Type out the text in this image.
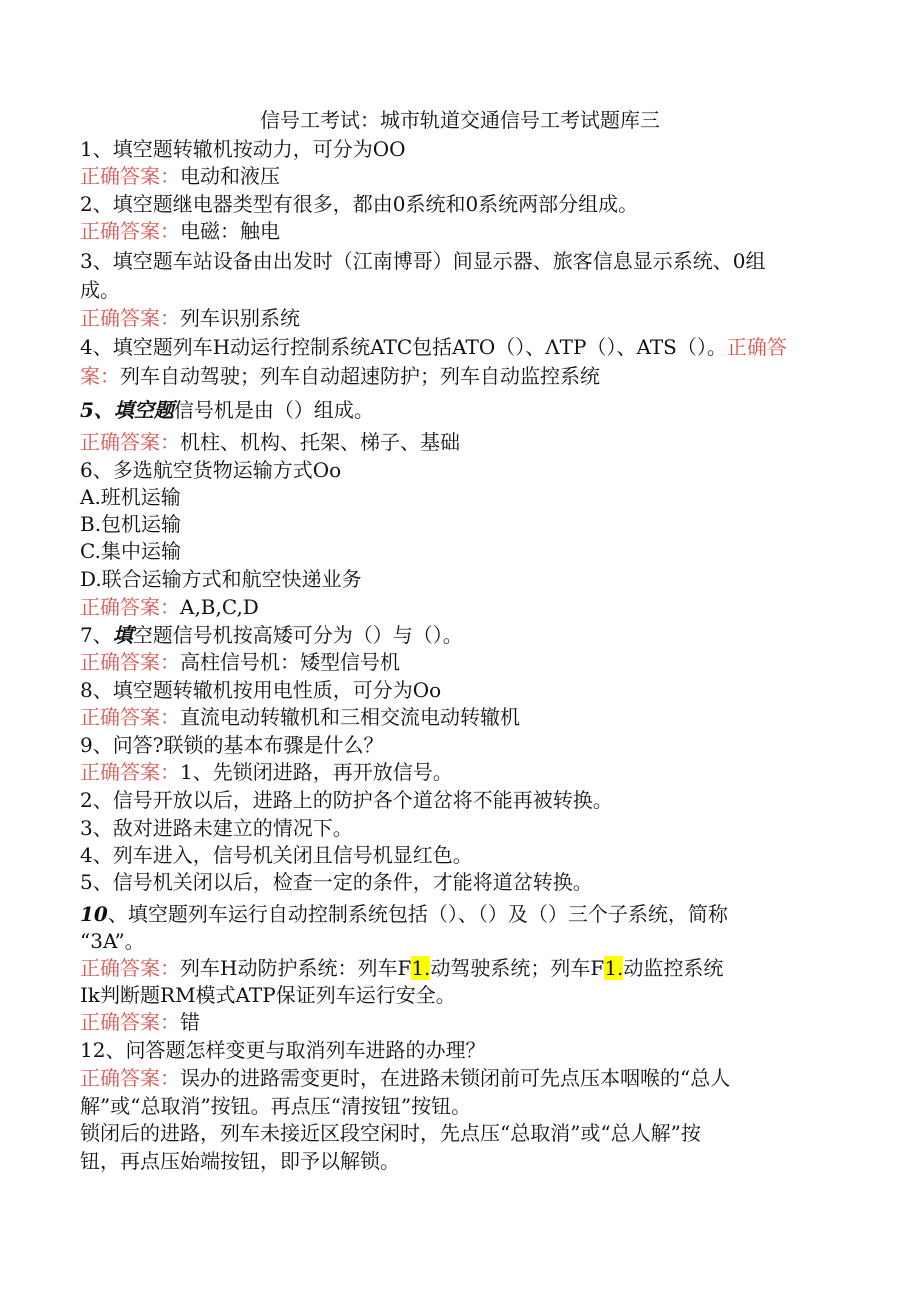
信号工考试：城市轨道交通信号工考试题库三
1、填空题转辙机按动力，可分为OO
正确答案：电动和液压
2、填空题继电器类型有很多，都由0系统和0系统两部分组成。
正确答案：电磁：触电
3、填空题车站设备由出发时（江南博哥）间显示器、旅客信息显示系统、0组
成。
正确答案：列车识别系统
4、填空题列车H动运行控制系统ATC包括ATO（）、ΛTP（）、ATS（）。正确答
案：列车自动驾驶；列车自动超速防护；列车自动监控系统
5、填空题信号机是由（）组成。
正确答案：机柱、机构、托架、梯子、基础
6、多选航空货物运输方式Oo
A.班机运输
B.包机运输
C.集中运输
D.联合运输方式和航空快递业务
正确答案：A,B,C,D
7、填空题信号机按高矮可分为（）与（）。
正确答案：高柱信号机：矮型信号机
8、填空题转辙机按用电性质，可分为Oo
正确答案：直流电动转辙机和三相交流电动转辙机
9、问答?联锁的基本布骤是什么？
正确答案：1、先锁闭进路，再开放信号。
2、信号开放以后，进路上的防护各个道岔将不能再被转换。
3、敌对进路未建立的情况下。
4、列车进入，信号机关闭且信号机显红色。
5、信号机关闭以后，检查一定的条件，才能将道岔转换。
10、填空题列车运行自动控制系统包括（）、（）及（）三个子系统，简称
“3A”。
正确答案：列车H动防护系统：列车F1.动驾驶系统；列车F1.动监控系统
Ik判断题RM模式ATP保证列车运行安全。
正确答案：错
12、问答题怎样变更与取消列车进路的办理？
正确答案：误办的进路需变更时，在进路未锁闭前可先点压本咽喉的“总人
解”或“总取消”按钮。再点压“清按钮”按钮。
锁闭后的进路，列车未接近区段空闲时，先点压“总取消”或“总人解”按
钮，再点压始端按钮，即予以解锁。
